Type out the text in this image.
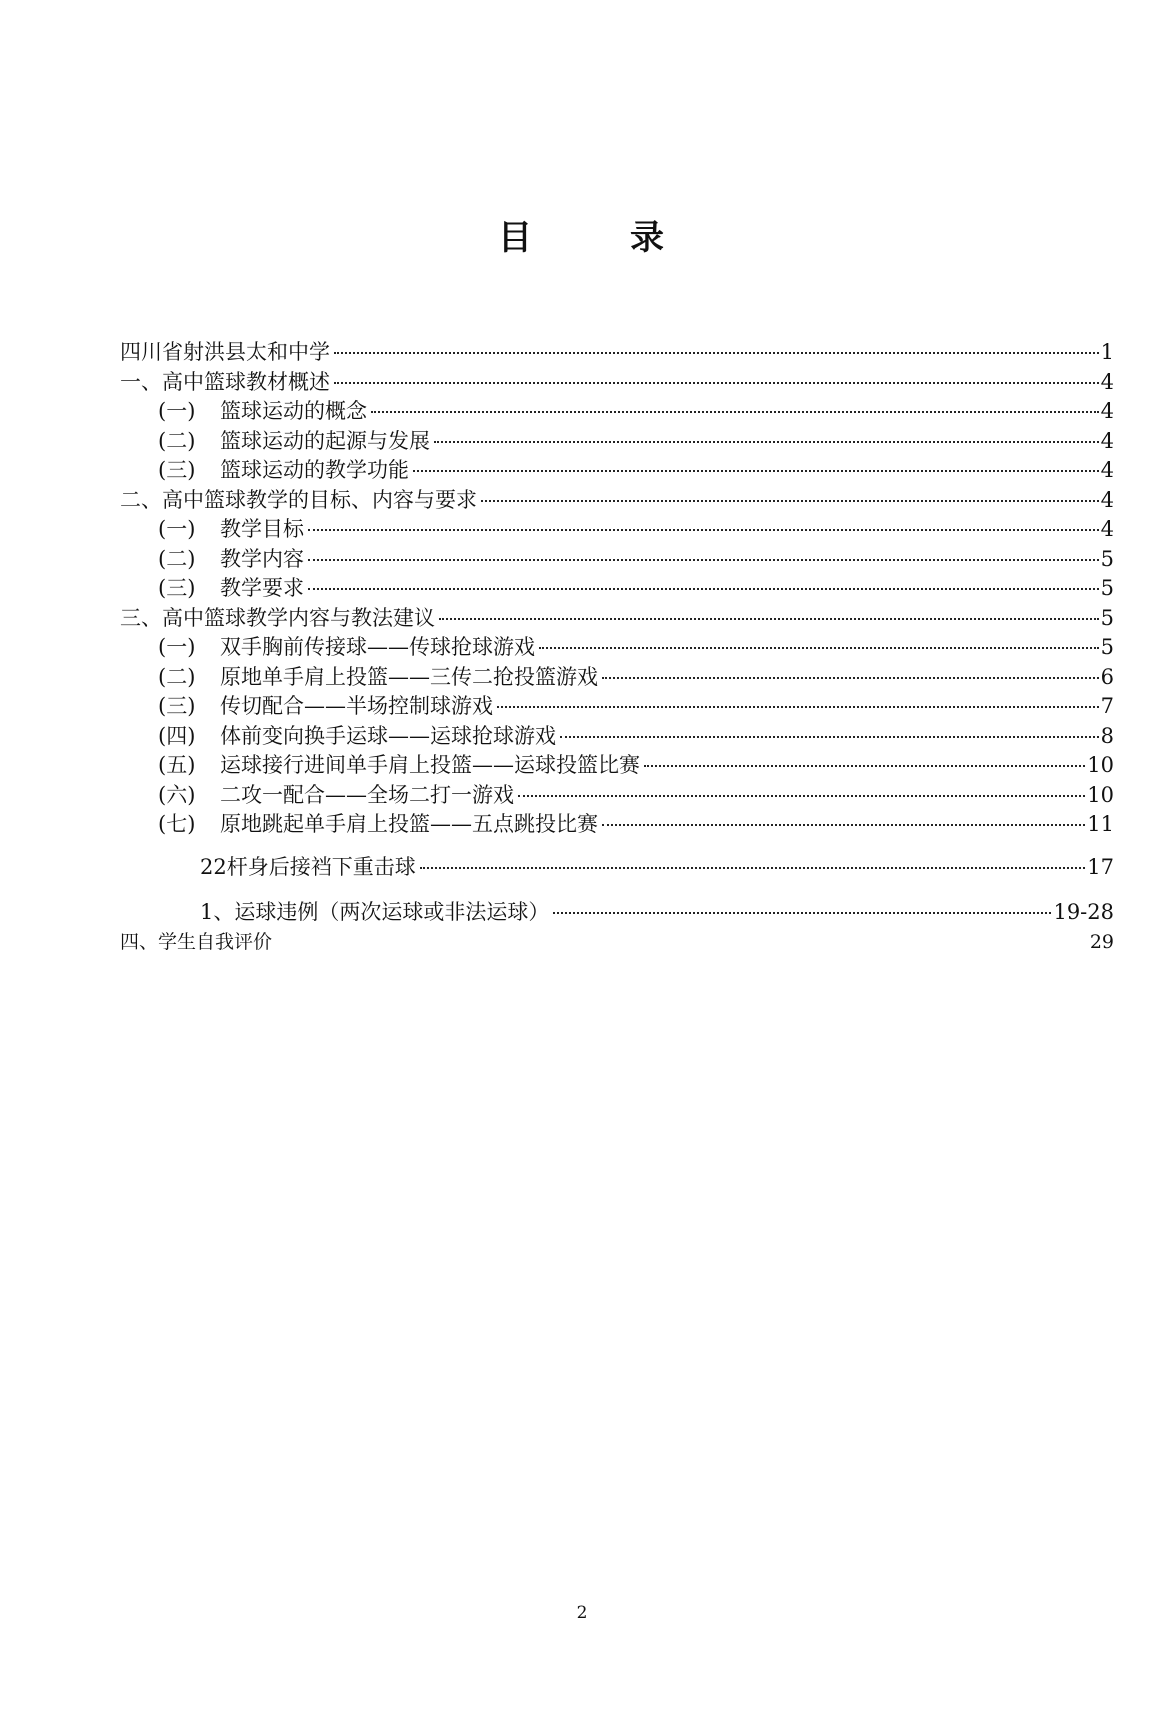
目	录
四川省射洪县太和中学	1
一、高中篮球教材概述	4
(一)	篮球运动的概念	4
(二)	篮球运动的起源与发展	4
(三)	篮球运动的教学功能	4
二、高中篮球教学的目标、内容与要求	4
(一)	教学目标	4
(二)	教学内容	5
(三)	教学要求	5
三、高中篮球教学内容与教法建议	5
(一)	双手胸前传接球——传球抢球游戏	5
(二)	原地单手肩上投篮——三传二抢投篮游戏	6
(三)	传切配合——半场控制球游戏	7
(四)	体前变向换手运球——运球抢球游戏	8
(五)	运球接行进间单手肩上投篮——运球投篮比赛	10
(六)	二攻一配合——全场二打一游戏	10
(七)	原地跳起单手肩上投篮——五点跳投比赛	11
22杆身后接裆下重击球	17
1、运球违例（两次运球或非法运球）	19-28
四、学生自我评价	29
2
